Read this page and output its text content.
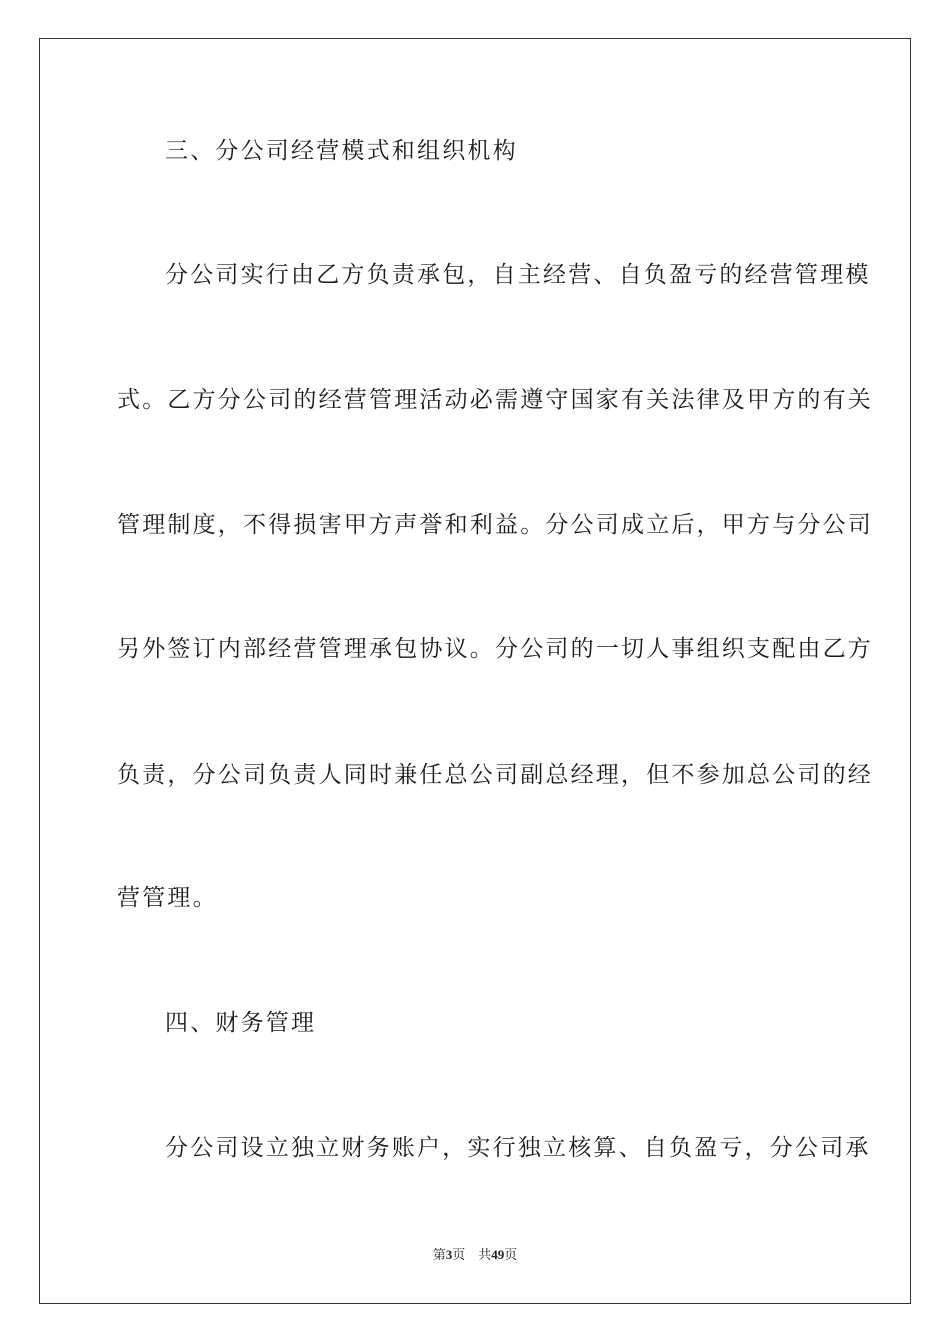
三、分公司经营模式和组织机构
分公司实行由乙方负责承包，自主经营、自负盈亏的经营管理模
式。乙方分公司的经营管理活动必需遵守国家有关法律及甲方的有关
管理制度，不得损害甲方声誉和利益。分公司成立后，甲方与分公司
另外签订内部经营管理承包协议。分公司的一切人事组织支配由乙方
负责，分公司负责人同时兼任总公司副总经理，但不参加总公司的经
营管理。
四、财务管理
分公司设立独立财务账户，实行独立核算、自负盈亏，分公司承
第3页 共49页
